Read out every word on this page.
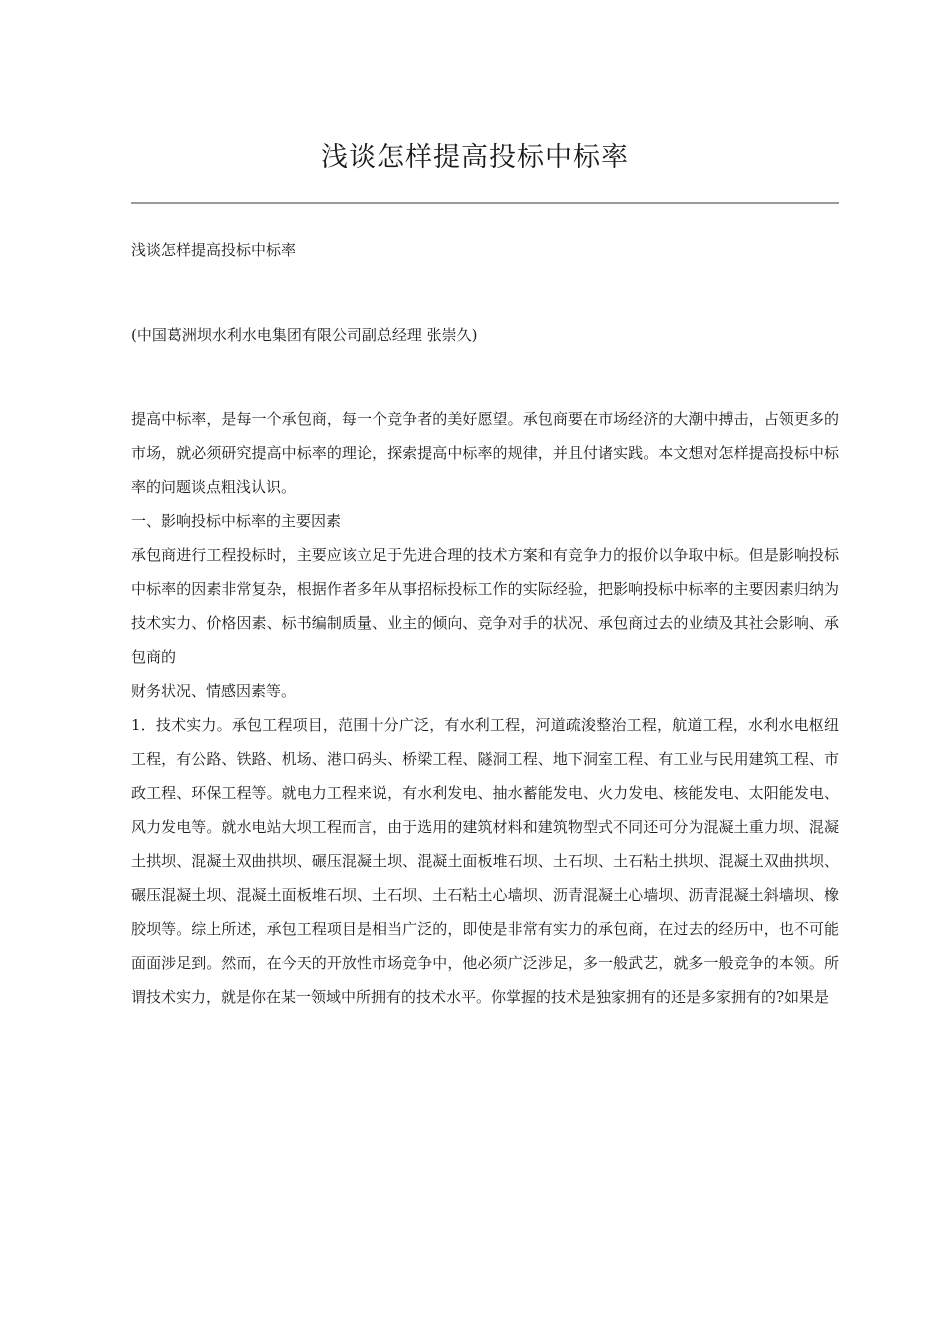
浅谈怎样提高投标中标率
浅谈怎样提高投标中标率
(中国葛洲坝水利水电集团有限公司副总经理 张崇久)

提高中标率，是每一个承包商，每一个竞争者的美好愿望。承包商要在市场经济的大潮中搏击，占领更多的市场，就必须研究提高中标率的理论，探索提高中标率的规律，并且付诸实践。本文想对怎样提高投标中标率的问题谈点粗浅认识。

一、影响投标中标率的主要因素

承包商进行工程投标时，主要应该立足于先进合理的技术方案和有竞争力的报价以争取中标。但是影响投标中标率的因素非常复杂，根据作者多年从事招标投标工作的实际经验，把影响投标中标率的主要因素归纳为技术实力、价格因素、标书编制质量、业主的倾向、竞争对手的状况、承包商过去的业绩及其社会影响、承包商的

财务状况、情感因素等。

1．技术实力。承包工程项目，范围十分广泛，有水利工程，河道疏浚整治工程，航道工程，水利水电枢纽工程，有公路、铁路、机场、港口码头、桥梁工程、隧洞工程、地下洞室工程、有工业与民用建筑工程、市政工程、环保工程等。就电力工程来说，有水利发电、抽水蓄能发电、火力发电、核能发电、太阳能发电、风力发电等。就水电站大坝工程而言，由于选用的建筑材料和建筑物型式不同还可分为混凝土重力坝、混凝土拱坝、混凝土双曲拱坝、碾压混凝土坝、混凝土面板堆石坝、土石坝、土石粘土拱坝、混凝土双曲拱坝、碾压混凝土坝、混凝土面板堆石坝、土石坝、土石粘土心墙坝、沥青混凝土心墙坝、沥青混凝土斜墙坝、橡胶坝等。综上所述，承包工程项目是相当广泛的，即使是非常有实力的承包商，在过去的经历中，也不可能面面涉足到。然而，在今天的开放性市场竞争中，他必须广泛涉足，多一般武艺，就多一般竞争的本领。所谓技术实力，就是你在某一领域中所拥有的技术水平。你掌握的技术是独家拥有的还是多家拥有的?如果是
